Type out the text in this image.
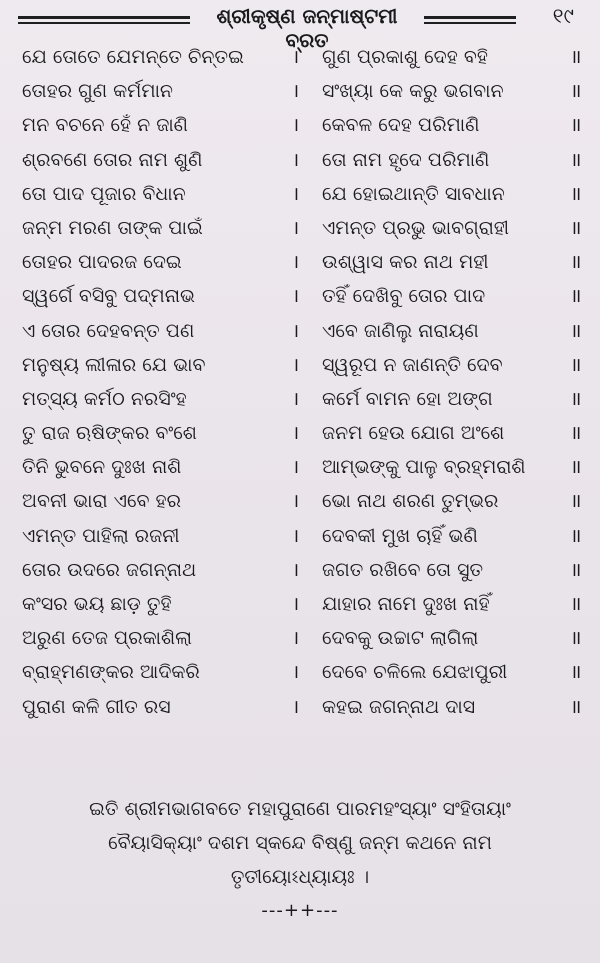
ଶ୍ରୀକୃଷ୍ଣ ଜନ୍ମାଷ୍ଟମୀ ବ୍ରତ
୧୯
ଯେ ତୋତେ ଯେମନ୍ତେ ଚିନ୍ତଇ	। ଗୁଣ ପ୍ରକାଶୁ ଦେହ ବହି	॥
ତୋହର ଗୁଣ କର୍ମମାନ	। ସଂଖ୍ୟା କେ କରୁ ଭଗବାନ	॥
ମନ ବଚନେ ହେଁ ନ ଜାଣି	। କେବଳ ଦେହ ପରିମାଣି	॥
ଶ୍ରବଣେ ତୋର ନାମ ଶୁଣି	। ତୋ ନାମ ହୃଦେ ପରିମାଣି	॥
ତୋ ପାଦ ପୂଜାର ବିଧାନ	। ଯେ ହୋଇଥାନ୍ତି ସାବଧାନ	॥
ଜନ୍ମ ମରଣ ତାଙ୍କ ପାଇଁ	। ଏମନ୍ତ ପ୍ରଭୁ ଭାବଗ୍ରାହୀ	॥
ତୋହର ପାଦରଜ ଦେଇ	। ଉଶ୍ୱାସ କର ନାଥ ମହୀ	॥
ସ୍ୱର୍ଗେ ବସିବୁ ପଦ୍ମନାଭ	। ତହିଁ ଦେଖିବୁ ତୋର ପାଦ	॥
ଏ ତୋର ଦେହବନ୍ତ ପଣ	। ଏବେ ଜାଣିଲୁ ନାରାୟଣ	॥
ମନୁଷ୍ୟ ଲୀଳାର ଯେ ଭାବ	। ସ୍ୱରୂପ ନ ଜାଣନ୍ତି ଦେବ	॥
ମତ୍ସ୍ୟ କର୍ମଠ ନରସିଂହ	। କର୍ମେ ବାମନ ହୋ ଅଙ୍ଗ	॥
ତୁ ରାଜ ଋଷିଙ୍କର ବଂଶେ	। ଜନମ ହେଉ ଯୋଗ ଅଂଶେ	॥
ତିନି ଭୁବନେ ଦୁଃଖ ନାଶି	। ଆମ୍ଭଙ୍କୁ ପାଳୁ ବ୍ରହ୍ମରାଶି	॥
ଅବନୀ ଭାରା ଏବେ ହର	। ଭୋ ନାଥ ଶରଣ ତୁମ୍ଭର	॥
ଏମନ୍ତ ପାହିଲା ରଜନୀ	। ଦେବକୀ ମୁଖ ଚାହିଁ ଭଣି	॥
ତୋର ଉଦରେ ଜଗନ୍ନାଥ	। ଜଗତ ରଖିବେ ତୋ ସୁତ	॥
କଂସର ଭୟ ଛାଡ଼ ତୁହି	। ଯାହାର ନାମେ ଦୁଃଖ ନାହିଁ	॥
ଅରୁଣ ତେଜ ପ୍ରକାଶିଲା	। ଦେବକୁ ଉଚ୍ଚାଟ ଲାଗିଲା	॥
ବ୍ରାହ୍ମଣଙ୍କର ଆଦିକରି	। ଦେବେ ଚଳିଲେ ଯେଝାପୁରୀ	॥
ପୁରାଣ କଳି ଗୀତ ରସ	। କହଇ ଜଗନ୍ନାଥ ଦାସ	॥
ଇତି ଶ୍ରୀମଭାଗବତେ ମହାପୁରାଣେ ପାରମହଂସ୍ୟାଂ ସଂହିତାୟାଂ
ବୈୟାସିକ୍ୟାଂ ଦଶମ ସ୍କନ୍ଦେ ବିଷ୍ଣୁ ଜନ୍ମ କଥନେ ନାମ
ତୃତୀୟୋଽଧ୍ୟାୟଃ ।
---++---
